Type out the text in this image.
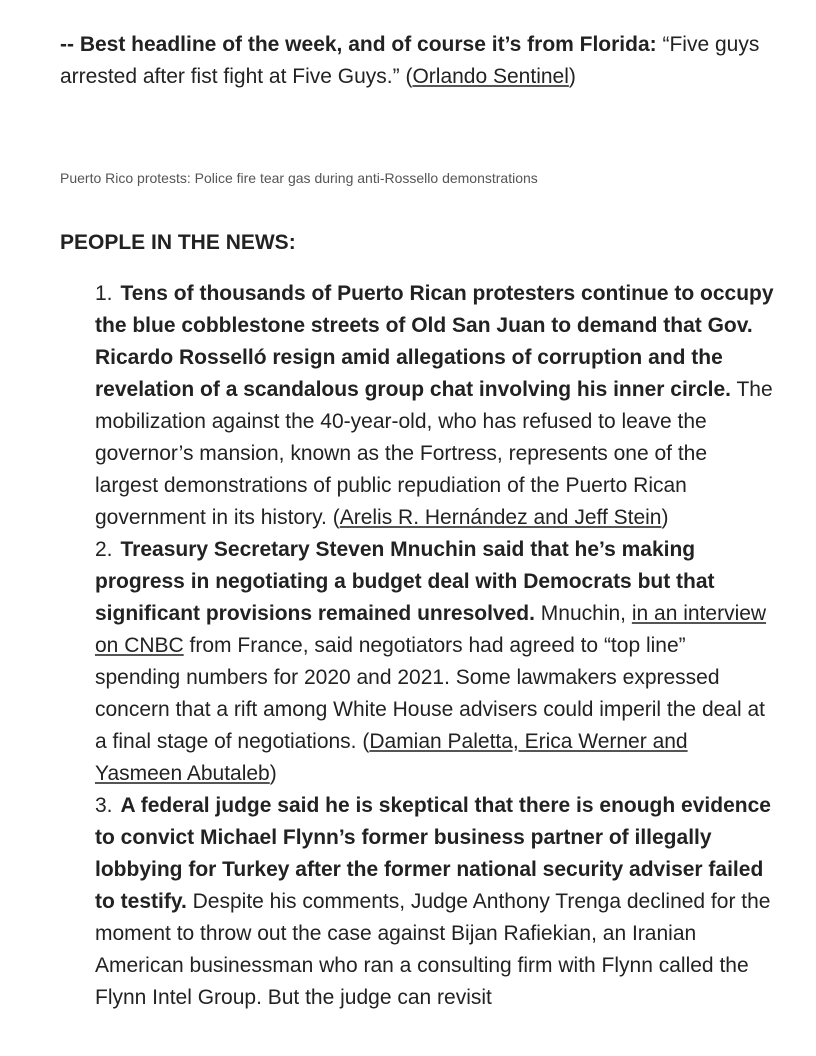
-- Best headline of the week, and of course it’s from Florida: “Five guys arrested after fist fight at Five Guys.” (Orlando Sentinel)

Puerto Rico protests: Police fire tear gas during anti-Rossello demonstrations

PEOPLE IN THE NEWS:
1. Tens of thousands of Puerto Rican protesters continue to occupy the blue cobblestone streets of Old San Juan to demand that Gov. Ricardo Rosselló resign amid allegations of corruption and the revelation of a scandalous group chat involving his inner circle. The mobilization against the 40-year-old, who has refused to leave the governor’s mansion, known as the Fortress, represents one of the largest demonstrations of public repudiation of the Puerto Rican government in its history. (Arelis R. Hernández and Jeff Stein)
2. Treasury Secretary Steven Mnuchin said that he’s making progress in negotiating a budget deal with Democrats but that significant provisions remained unresolved. Mnuchin, in an interview on CNBC from France, said negotiators had agreed to “top line” spending numbers for 2020 and 2021. Some lawmakers expressed concern that a rift among White House advisers could imperil the deal at a final stage of negotiations. (Damian Paletta, Erica Werner and Yasmeen Abutaleb)
3. A federal judge said he is skeptical that there is enough evidence to convict Michael Flynn’s former business partner of illegally lobbying for Turkey after the former national security adviser failed to testify. Despite his comments, Judge Anthony Trenga declined for the moment to throw out the case against Bijan Rafiekian, an Iranian American businessman who ran a consulting firm with Flynn called the Flynn Intel Group. But the judge can revisit
